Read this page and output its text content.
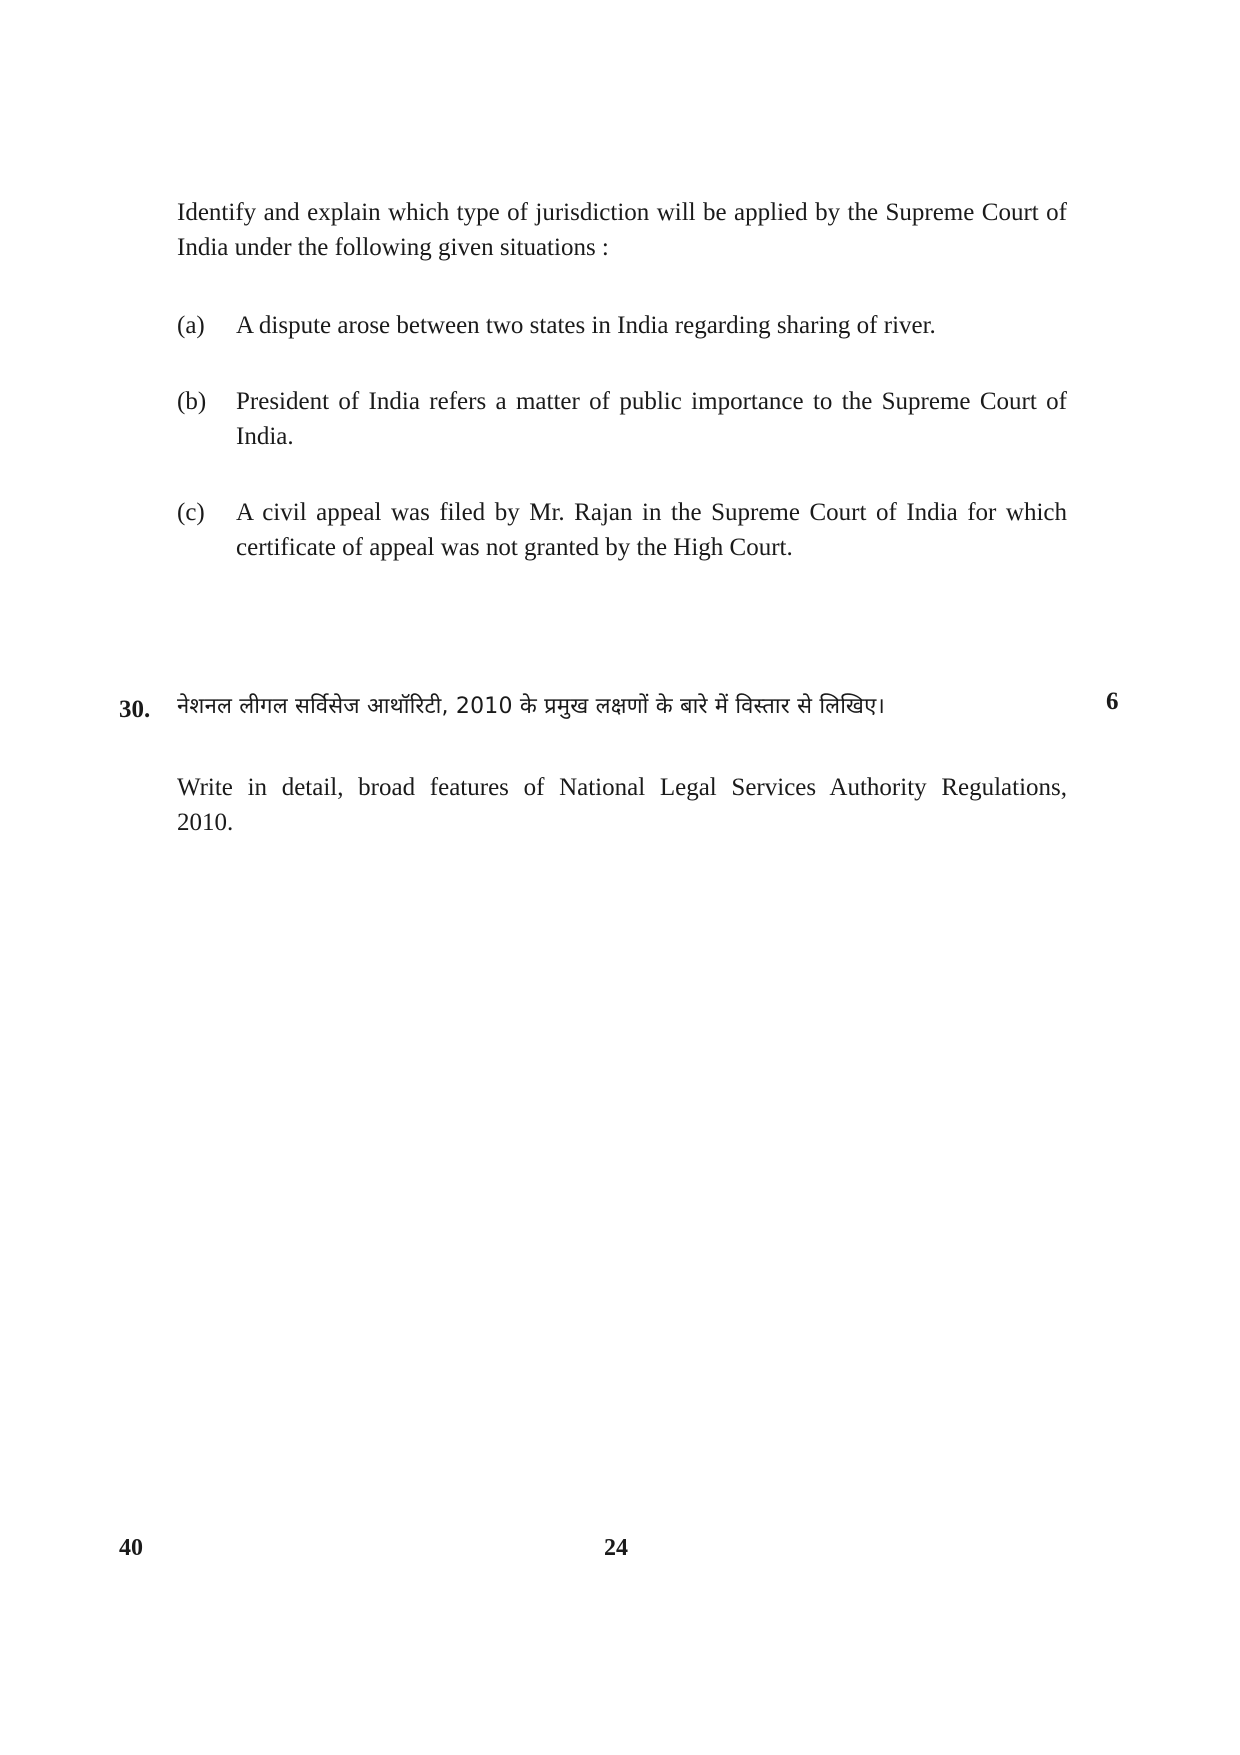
Identify and explain which type of jurisdiction will be applied by the Supreme Court of India under the following given situations :

(a)	A dispute arose between two states in India regarding sharing of river.
(b)	President of India refers a matter of public importance to the Supreme Court of India.
(c)	A civil appeal was filed by Mr. Rajan in the Supreme Court of India for which certificate of appeal was not granted by the High Court.
30. नेशनल लीगल सर्विसेज आथॉरिटी, 2010 के प्रमुख लक्षणों के बारे में विस्तार से लिखिए।	6

Write in detail, broad features of National Legal Services Authority Regulations, 2010.

40	24
